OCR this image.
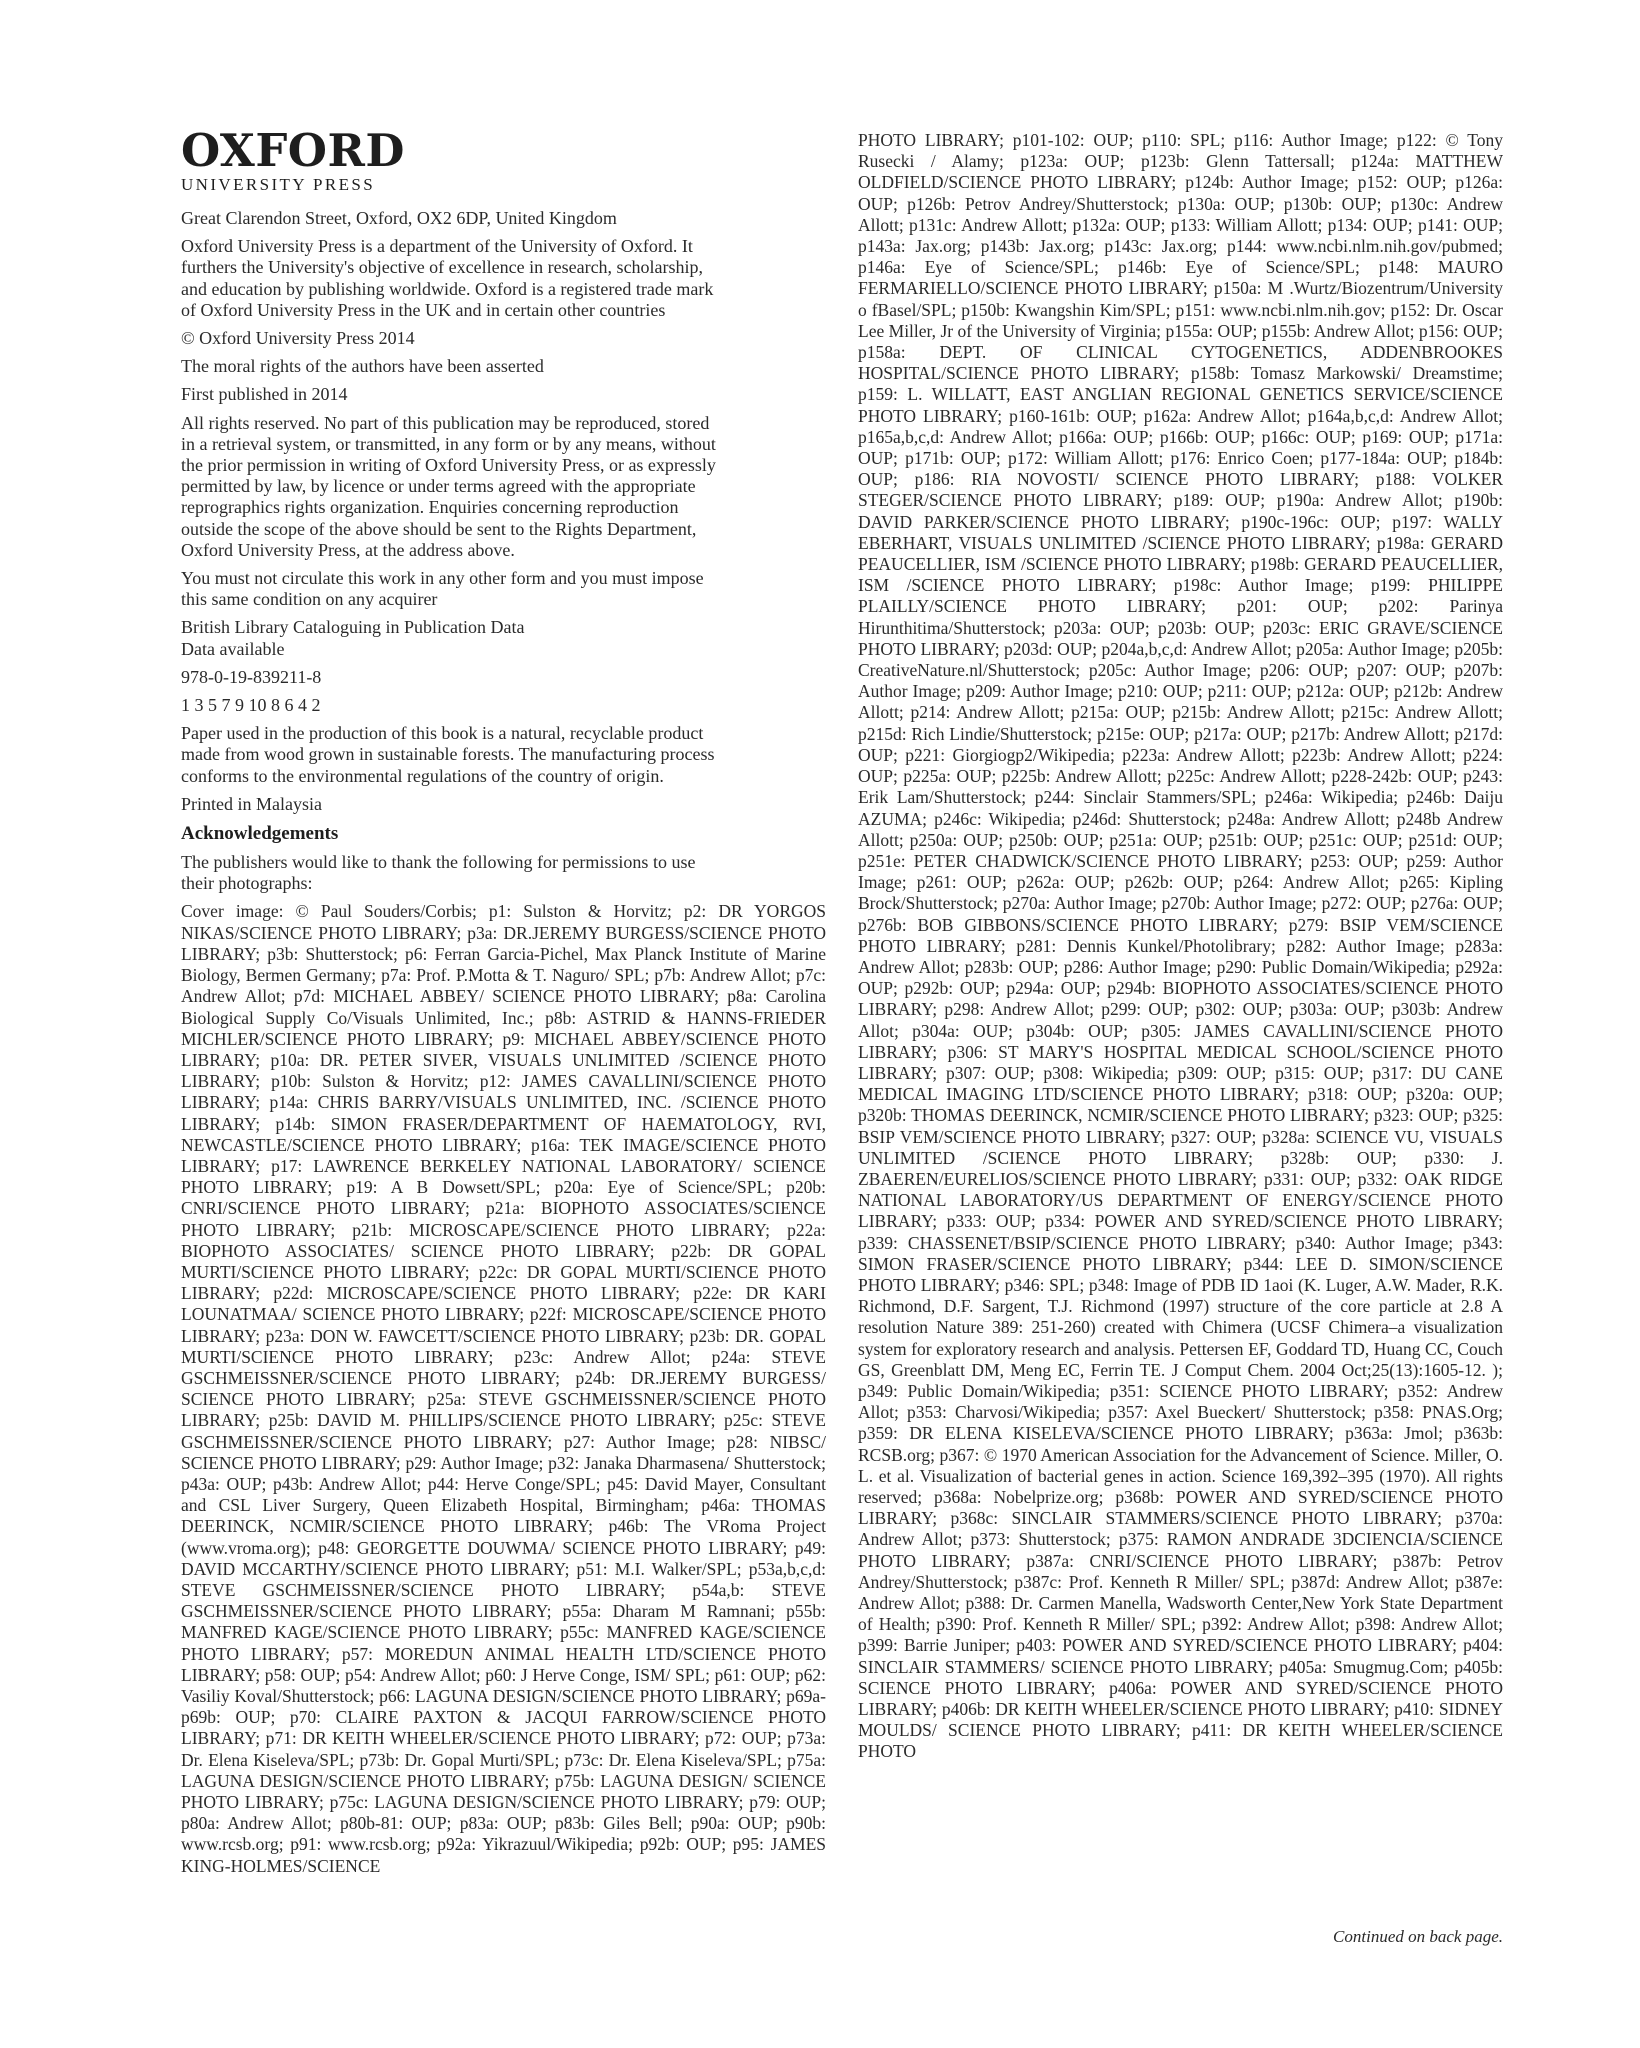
OXFORD
UNIVERSITY PRESS
Great Clarendon Street, Oxford, OX2 6DP, United Kingdom
Oxford University Press is a department of the University of Oxford. It
furthers the University's objective of excellence in research, scholarship,
and education by publishing worldwide. Oxford is a registered trade mark
of Oxford University Press in the UK and in certain other countries
© Oxford University Press 2014
The moral rights of the authors have been asserted
First published in 2014
All rights reserved. No part of this publication may be reproduced, stored
in a retrieval system, or transmitted, in any form or by any means, without
the prior permission in writing of Oxford University Press, or as expressly
permitted by law, by licence or under terms agreed with the appropriate
reprographics rights organization. Enquiries concerning reproduction
outside the scope of the above should be sent to the Rights Department,
Oxford University Press, at the address above.
You must not circulate this work in any other form and you must impose
this same condition on any acquirer
British Library Cataloguing in Publication Data
Data available
978-0-19-839211-8
1 3 5 7 9 10 8 6 4 2
Paper used in the production of this book is a natural, recyclable product
made from wood grown in sustainable forests. The manufacturing process
conforms to the environmental regulations of the country of origin.
Printed in Malaysia
Acknowledgements
The publishers would like to thank the following for permissions to use
their photographs:

Cover image: © Paul Souders/Corbis; p1: Sulston & Horvitz; p2: DR YORGOS NIKAS/SCIENCE PHOTO LIBRARY; p3a: DR.JEREMY BURGESS/SCIENCE PHOTO LIBRARY; p3b: Shutterstock; p6: Ferran Garcia-Pichel, Max Planck Institute of Marine Biology, Bermen Germany; p7a: Prof. P.Motta & T. Naguro/ SPL; p7b: Andrew Allot; p7c: Andrew Allot; p7d: MICHAEL ABBEY/ SCIENCE PHOTO LIBRARY; p8a: Carolina Biological Supply Co/Visuals Unlimited, Inc.; p8b: ASTRID & HANNS-FRIEDER MICHLER/SCIENCE PHOTO LIBRARY; p9: MICHAEL ABBEY/SCIENCE PHOTO LIBRARY; p10a: DR. PETER SIVER, VISUALS UNLIMITED /SCIENCE PHOTO LIBRARY; p10b: Sulston & Horvitz; p12: JAMES CAVALLINI/SCIENCE PHOTO LIBRARY; p14a: CHRIS BARRY/VISUALS UNLIMITED, INC. /SCIENCE PHOTO LIBRARY; p14b: SIMON FRASER/DEPARTMENT OF HAEMATOLOGY, RVI, NEWCASTLE/SCIENCE PHOTO LIBRARY; p16a: TEK IMAGE/SCIENCE PHOTO LIBRARY; p17: LAWRENCE BERKELEY NATIONAL LABORATORY/ SCIENCE PHOTO LIBRARY; p19: A B Dowsett/SPL; p20a: Eye of Science/SPL; p20b: CNRI/SCIENCE PHOTO LIBRARY; p21a: BIOPHOTO ASSOCIATES/SCIENCE PHOTO LIBRARY; p21b: MICROSCAPE/SCIENCE PHOTO LIBRARY; p22a: BIOPHOTO ASSOCIATES/ SCIENCE PHOTO LIBRARY; p22b: DR GOPAL MURTI/SCIENCE PHOTO LIBRARY; p22c: DR GOPAL MURTI/SCIENCE PHOTO LIBRARY; p22d: MICROSCAPE/SCIENCE PHOTO LIBRARY; p22e: DR KARI LOUNATMAA/ SCIENCE PHOTO LIBRARY; p22f: MICROSCAPE/SCIENCE PHOTO LIBRARY; p23a: DON W. FAWCETT/SCIENCE PHOTO LIBRARY; p23b: DR. GOPAL MURTI/SCIENCE PHOTO LIBRARY; p23c: Andrew Allot; p24a: STEVE GSCHMEISSNER/SCIENCE PHOTO LIBRARY; p24b: DR.JEREMY BURGESS/ SCIENCE PHOTO LIBRARY; p25a: STEVE GSCHMEISSNER/SCIENCE PHOTO LIBRARY; p25b: DAVID M. PHILLIPS/SCIENCE PHOTO LIBRARY; p25c: STEVE GSCHMEISSNER/SCIENCE PHOTO LIBRARY; p27: Author Image; p28: NIBSC/ SCIENCE PHOTO LIBRARY; p29: Author Image; p32: Janaka Dharmasena/ Shutterstock; p43a: OUP; p43b: Andrew Allot; p44: Herve Conge/SPL; p45: David Mayer, Consultant and CSL Liver Surgery, Queen Elizabeth Hospital, Birmingham; p46a: THOMAS DEERINCK, NCMIR/SCIENCE PHOTO LIBRARY; p46b: The VRoma Project (www.vroma.org); p48: GEORGETTE DOUWMA/ SCIENCE PHOTO LIBRARY; p49: DAVID MCCARTHY/SCIENCE PHOTO LIBRARY; p51: M.I. Walker/SPL; p53a,b,c,d: STEVE GSCHMEISSNER/SCIENCE PHOTO LIBRARY; p54a,b: STEVE GSCHMEISSNER/SCIENCE PHOTO LIBRARY; p55a: Dharam M Ramnani; p55b: MANFRED KAGE/SCIENCE PHOTO LIBRARY; p55c: MANFRED KAGE/SCIENCE PHOTO LIBRARY; p57: MOREDUN ANIMAL HEALTH LTD/SCIENCE PHOTO LIBRARY; p58: OUP; p54: Andrew Allot; p60: J Herve Conge, ISM/ SPL; p61: OUP; p62: Vasiliy Koval/Shutterstock; p66: LAGUNA DESIGN/SCIENCE PHOTO LIBRARY; p69a-p69b: OUP; p70: CLAIRE PAXTON & JACQUI FARROW/SCIENCE PHOTO LIBRARY; p71: DR KEITH WHEELER/SCIENCE PHOTO LIBRARY; p72: OUP; p73a: Dr. Elena Kiseleva/SPL; p73b: Dr. Gopal Murti/SPL; p73c: Dr. Elena Kiseleva/SPL; p75a: LAGUNA DESIGN/SCIENCE PHOTO LIBRARY; p75b: LAGUNA DESIGN/ SCIENCE PHOTO LIBRARY; p75c: LAGUNA DESIGN/SCIENCE PHOTO LIBRARY; p79: OUP; p80a: Andrew Allot; p80b-81: OUP; p83a: OUP; p83b: Giles Bell; p90a: OUP; p90b: www.rcsb.org; p91: www.rcsb.org; p92a: Yikrazuul/Wikipedia; p92b: OUP; p95: JAMES KING-HOLMES/SCIENCE

PHOTO LIBRARY; p101-102: OUP; p110: SPL; p116: Author Image; p122: © Tony Rusecki / Alamy; p123a: OUP; p123b: Glenn Tattersall; p124a: MATTHEW OLDFIELD/SCIENCE PHOTO LIBRARY; p124b: Author Image; p152: OUP; p126a: OUP; p126b: Petrov Andrey/Shutterstock; p130a: OUP; p130b: OUP; p130c: Andrew Allott; p131c: Andrew Allott; p132a: OUP; p133: William Allott; p134: OUP; p141: OUP; p143a: Jax.org; p143b: Jax.org; p143c: Jax.org; p144: www.ncbi.nlm.nih.gov/pubmed; p146a: Eye of Science/SPL; p146b: Eye of Science/SPL; p148: MAURO FERMARIELLO/SCIENCE PHOTO LIBRARY; p150a: M .Wurtz/Biozentrum/University o fBasel/SPL; p150b: Kwangshin Kim/SPL; p151: www.ncbi.nlm.nih.gov; p152: Dr. Oscar Lee Miller, Jr of the University of Virginia; p155a: OUP; p155b: Andrew Allot; p156: OUP; p158a: DEPT. OF CLINICAL CYTOGENETICS, ADDENBROOKES HOSPITAL/SCIENCE PHOTO LIBRARY; p158b: Tomasz Markowski/ Dreamstime; p159: L. WILLATT, EAST ANGLIAN REGIONAL GENETICS SERVICE/SCIENCE PHOTO LIBRARY; p160-161b: OUP; p162a: Andrew Allot; p164a,b,c,d: Andrew Allot; p165a,b,c,d: Andrew Allot; p166a: OUP; p166b: OUP; p166c: OUP; p169: OUP; p171a: OUP; p171b: OUP; p172: William Allott; p176: Enrico Coen; p177-184a: OUP; p184b: OUP; p186: RIA NOVOSTI/ SCIENCE PHOTO LIBRARY; p188: VOLKER STEGER/SCIENCE PHOTO LIBRARY; p189: OUP; p190a: Andrew Allot; p190b: DAVID PARKER/SCIENCE PHOTO LIBRARY; p190c-196c: OUP; p197: WALLY EBERHART, VISUALS UNLIMITED /SCIENCE PHOTO LIBRARY; p198a: GERARD PEAUCELLIER, ISM /SCIENCE PHOTO LIBRARY; p198b: GERARD PEAUCELLIER, ISM /SCIENCE PHOTO LIBRARY; p198c: Author Image; p199: PHILIPPE PLAILLY/SCIENCE PHOTO LIBRARY; p201: OUP; p202: Parinya Hirunthitima/Shutterstock; p203a: OUP; p203b: OUP; p203c: ERIC GRAVE/SCIENCE PHOTO LIBRARY; p203d: OUP; p204a,b,c,d: Andrew Allot; p205a: Author Image; p205b: CreativeNature.nl/Shutterstock; p205c: Author Image; p206: OUP; p207: OUP; p207b: Author Image; p209: Author Image; p210: OUP; p211: OUP; p212a: OUP; p212b: Andrew Allott; p214: Andrew Allott; p215a: OUP; p215b: Andrew Allott; p215c: Andrew Allott; p215d: Rich Lindie/Shutterstock; p215e: OUP; p217a: OUP; p217b: Andrew Allott; p217d: OUP; p221: Giorgiogp2/Wikipedia; p223a: Andrew Allott; p223b: Andrew Allott; p224: OUP; p225a: OUP; p225b: Andrew Allott; p225c: Andrew Allott; p228-242b: OUP; p243: Erik Lam/Shutterstock; p244: Sinclair Stammers/SPL; p246a: Wikipedia; p246b: Daiju AZUMA; p246c: Wikipedia; p246d: Shutterstock; p248a: Andrew Allott; p248b Andrew Allott; p250a: OUP; p250b: OUP; p251a: OUP; p251b: OUP; p251c: OUP; p251d: OUP; p251e: PETER CHADWICK/SCIENCE PHOTO LIBRARY; p253: OUP; p259: Author Image; p261: OUP; p262a: OUP; p262b: OUP; p264: Andrew Allot; p265: Kipling Brock/Shutterstock; p270a: Author Image; p270b: Author Image; p272: OUP; p276a: OUP; p276b: BOB GIBBONS/SCIENCE PHOTO LIBRARY; p279: BSIP VEM/SCIENCE PHOTO LIBRARY; p281: Dennis Kunkel/Photolibrary; p282: Author Image; p283a: Andrew Allot; p283b: OUP; p286: Author Image; p290: Public Domain/Wikipedia; p292a: OUP; p292b: OUP; p294a: OUP; p294b: BIOPHOTO ASSOCIATES/SCIENCE PHOTO LIBRARY; p298: Andrew Allot; p299: OUP; p302: OUP; p303a: OUP; p303b: Andrew Allot; p304a: OUP; p304b: OUP; p305: JAMES CAVALLINI/SCIENCE PHOTO LIBRARY; p306: ST MARY'S HOSPITAL MEDICAL SCHOOL/SCIENCE PHOTO LIBRARY; p307: OUP; p308: Wikipedia; p309: OUP; p315: OUP; p317: DU CANE MEDICAL IMAGING LTD/SCIENCE PHOTO LIBRARY; p318: OUP; p320a: OUP; p320b: THOMAS DEERINCK, NCMIR/SCIENCE PHOTO LIBRARY; p323: OUP; p325: BSIP VEM/SCIENCE PHOTO LIBRARY; p327: OUP; p328a: SCIENCE VU, VISUALS UNLIMITED /SCIENCE PHOTO LIBRARY; p328b: OUP; p330: J. ZBAEREN/EURELIOS/SCIENCE PHOTO LIBRARY; p331: OUP; p332: OAK RIDGE NATIONAL LABORATORY/US DEPARTMENT OF ENERGY/SCIENCE PHOTO LIBRARY; p333: OUP; p334: POWER AND SYRED/SCIENCE PHOTO LIBRARY; p339: CHASSENET/BSIP/SCIENCE PHOTO LIBRARY; p340: Author Image; p343: SIMON FRASER/SCIENCE PHOTO LIBRARY; p344: LEE D. SIMON/SCIENCE PHOTO LIBRARY; p346: SPL; p348: Image of PDB ID 1aoi (K. Luger, A.W. Mader, R.K. Richmond, D.F. Sargent, T.J. Richmond (1997) structure of the core particle at 2.8 A resolution Nature 389: 251-260) created with Chimera (UCSF Chimera–a visualization system for exploratory research and analysis. Pettersen EF, Goddard TD, Huang CC, Couch GS, Greenblatt DM, Meng EC, Ferrin TE. J Comput Chem. 2004 Oct;25(13):1605-12. ); p349: Public Domain/Wikipedia; p351: SCIENCE PHOTO LIBRARY; p352: Andrew Allot; p353: Charvosi/Wikipedia; p357: Axel Bueckert/ Shutterstock; p358: PNAS.Org; p359: DR ELENA KISELEVA/SCIENCE PHOTO LIBRARY; p363a: Jmol; p363b: RCSB.org; p367: © 1970 American Association for the Advancement of Science. Miller, O. L. et al. Visualization of bacterial genes in action. Science 169,392–395 (1970). All rights reserved; p368a: Nobelprize.org; p368b: POWER AND SYRED/SCIENCE PHOTO LIBRARY; p368c: SINCLAIR STAMMERS/SCIENCE PHOTO LIBRARY; p370a: Andrew Allot; p373: Shutterstock; p375: RAMON ANDRADE 3DCIENCIA/SCIENCE PHOTO LIBRARY; p387a: CNRI/SCIENCE PHOTO LIBRARY; p387b: Petrov Andrey/Shutterstock; p387c: Prof. Kenneth R Miller/ SPL; p387d: Andrew Allot; p387e: Andrew Allot; p388: Dr. Carmen Manella, Wadsworth Center,New York State Department of Health; p390: Prof. Kenneth R Miller/ SPL; p392: Andrew Allot; p398: Andrew Allot; p399: Barrie Juniper; p403: POWER AND SYRED/SCIENCE PHOTO LIBRARY; p404: SINCLAIR STAMMERS/ SCIENCE PHOTO LIBRARY; p405a: Smugmug.Com; p405b: SCIENCE PHOTO LIBRARY; p406a: POWER AND SYRED/SCIENCE PHOTO LIBRARY; p406b: DR KEITH WHEELER/SCIENCE PHOTO LIBRARY; p410: SIDNEY MOULDS/ SCIENCE PHOTO LIBRARY; p411: DR KEITH WHEELER/SCIENCE PHOTO

Continued on back page.
